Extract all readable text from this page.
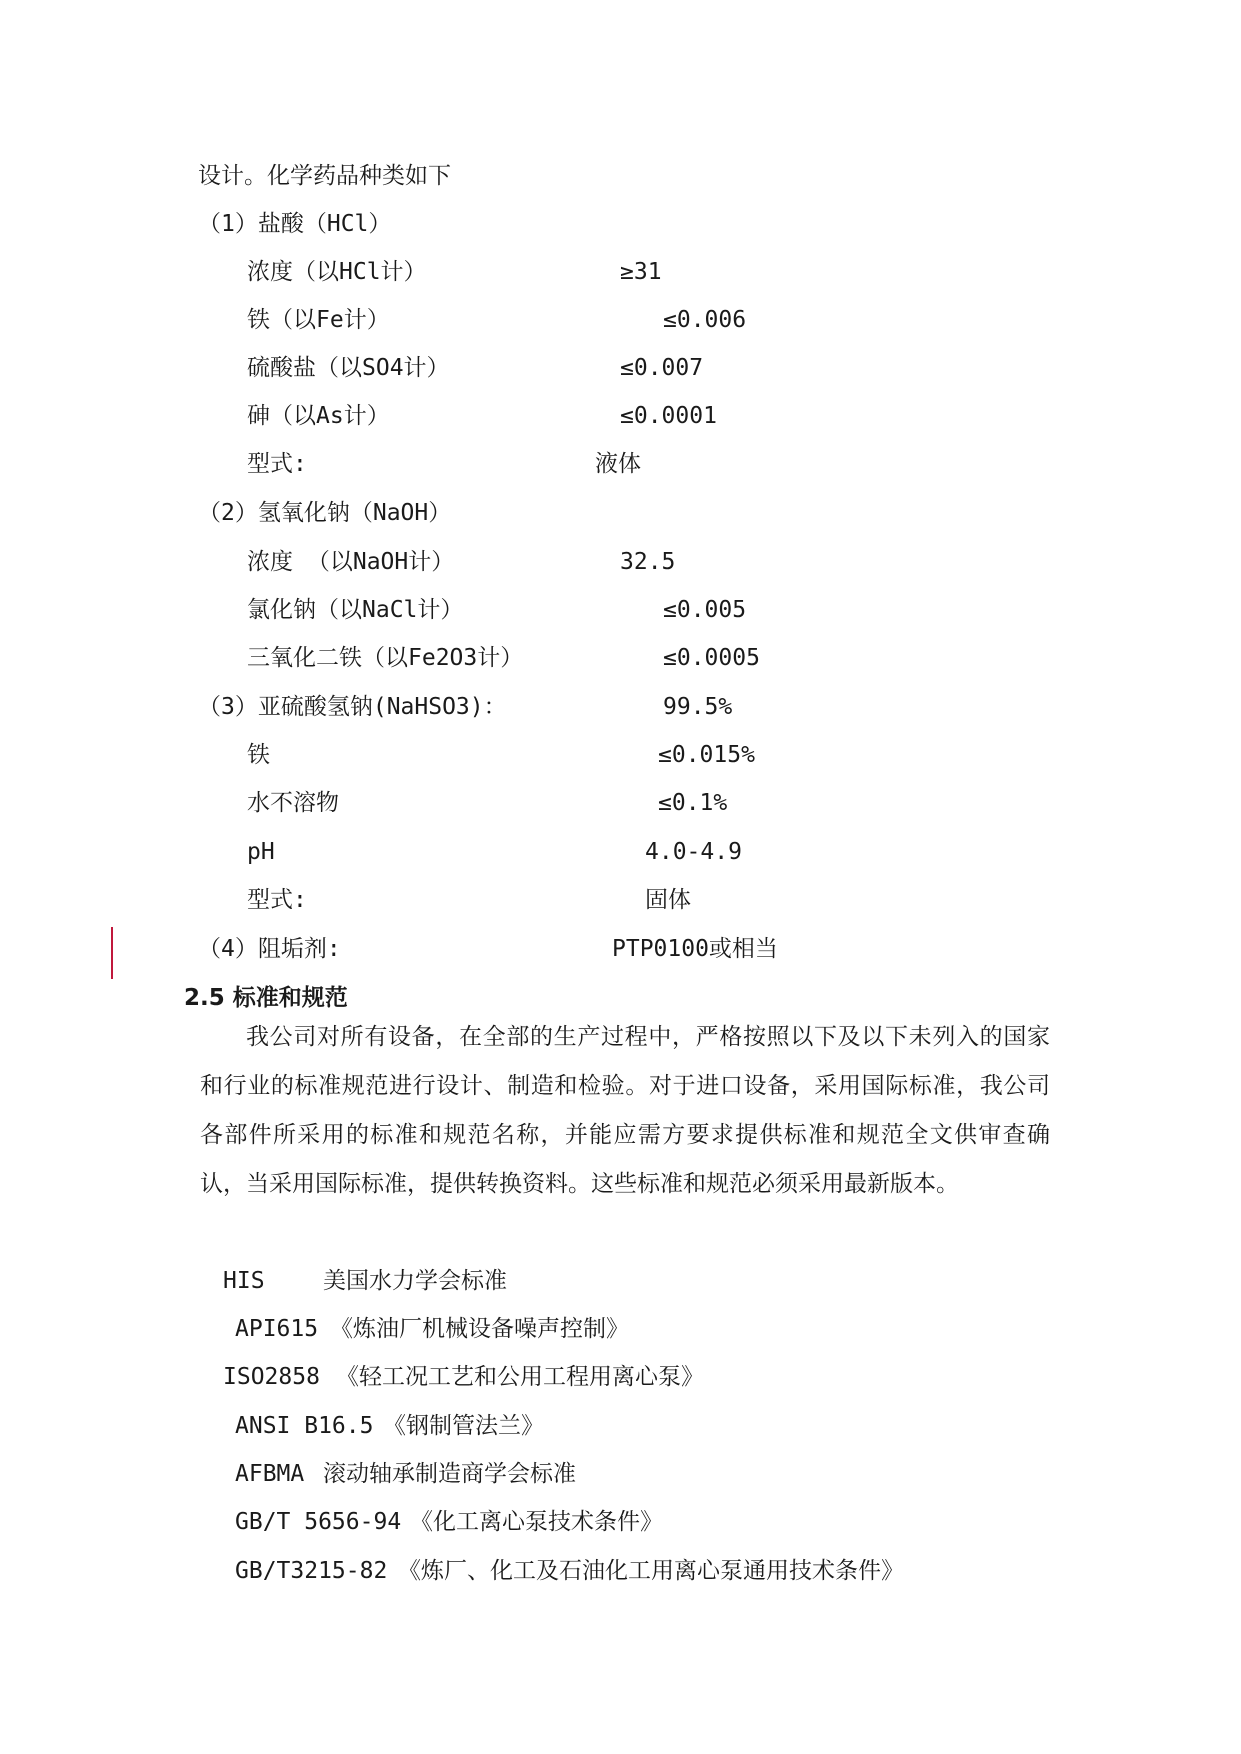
设计。化学药品种类如下
（1）盐酸（HCl）
浓度（以HCl计）	≥31
铁（以Fe计）	≤0.006
硫酸盐（以SO4计）	≤0.007
砷（以As计）	≤0.0001
型式:	液体
（2）氢氧化钠（NaOH）
浓度 （以NaOH计）	32.5
氯化钠（以NaCl计）	≤0.005
三氧化二铁（以Fe2O3计）	≤0.0005
（3）亚硫酸氢钠(NaHSO3)：	99.5%
铁	≤0.015%
水不溶物	≤0.1%
pH	4.0-4.9
型式:	固体
（4）阻垢剂:	PTP0100或相当
2.5 标准和规范
我公司对所有设备，在全部的生产过程中，严格按照以下及以下未列入的国家和行业的标准规范进行设计、制造和检验。对于进口设备，采用国际标准，我公司各部件所采用的标准和规范名称，并能应需方要求提供标准和规范全文供审查确认，当采用国际标准，提供转换资料。这些标准和规范必须采用最新版本。
HIS	美国水力学会标准
API615 《炼油厂机械设备噪声控制》
ISO2858 《轻工况工艺和公用工程用离心泵》
ANSI B16.5 《钢制管法兰》
AFBMA 滚动轴承制造商学会标准
GB/T 5656-94 《化工离心泵技术条件》
GB/T3215-82 《炼厂、化工及石油化工用离心泵通用技术条件》
